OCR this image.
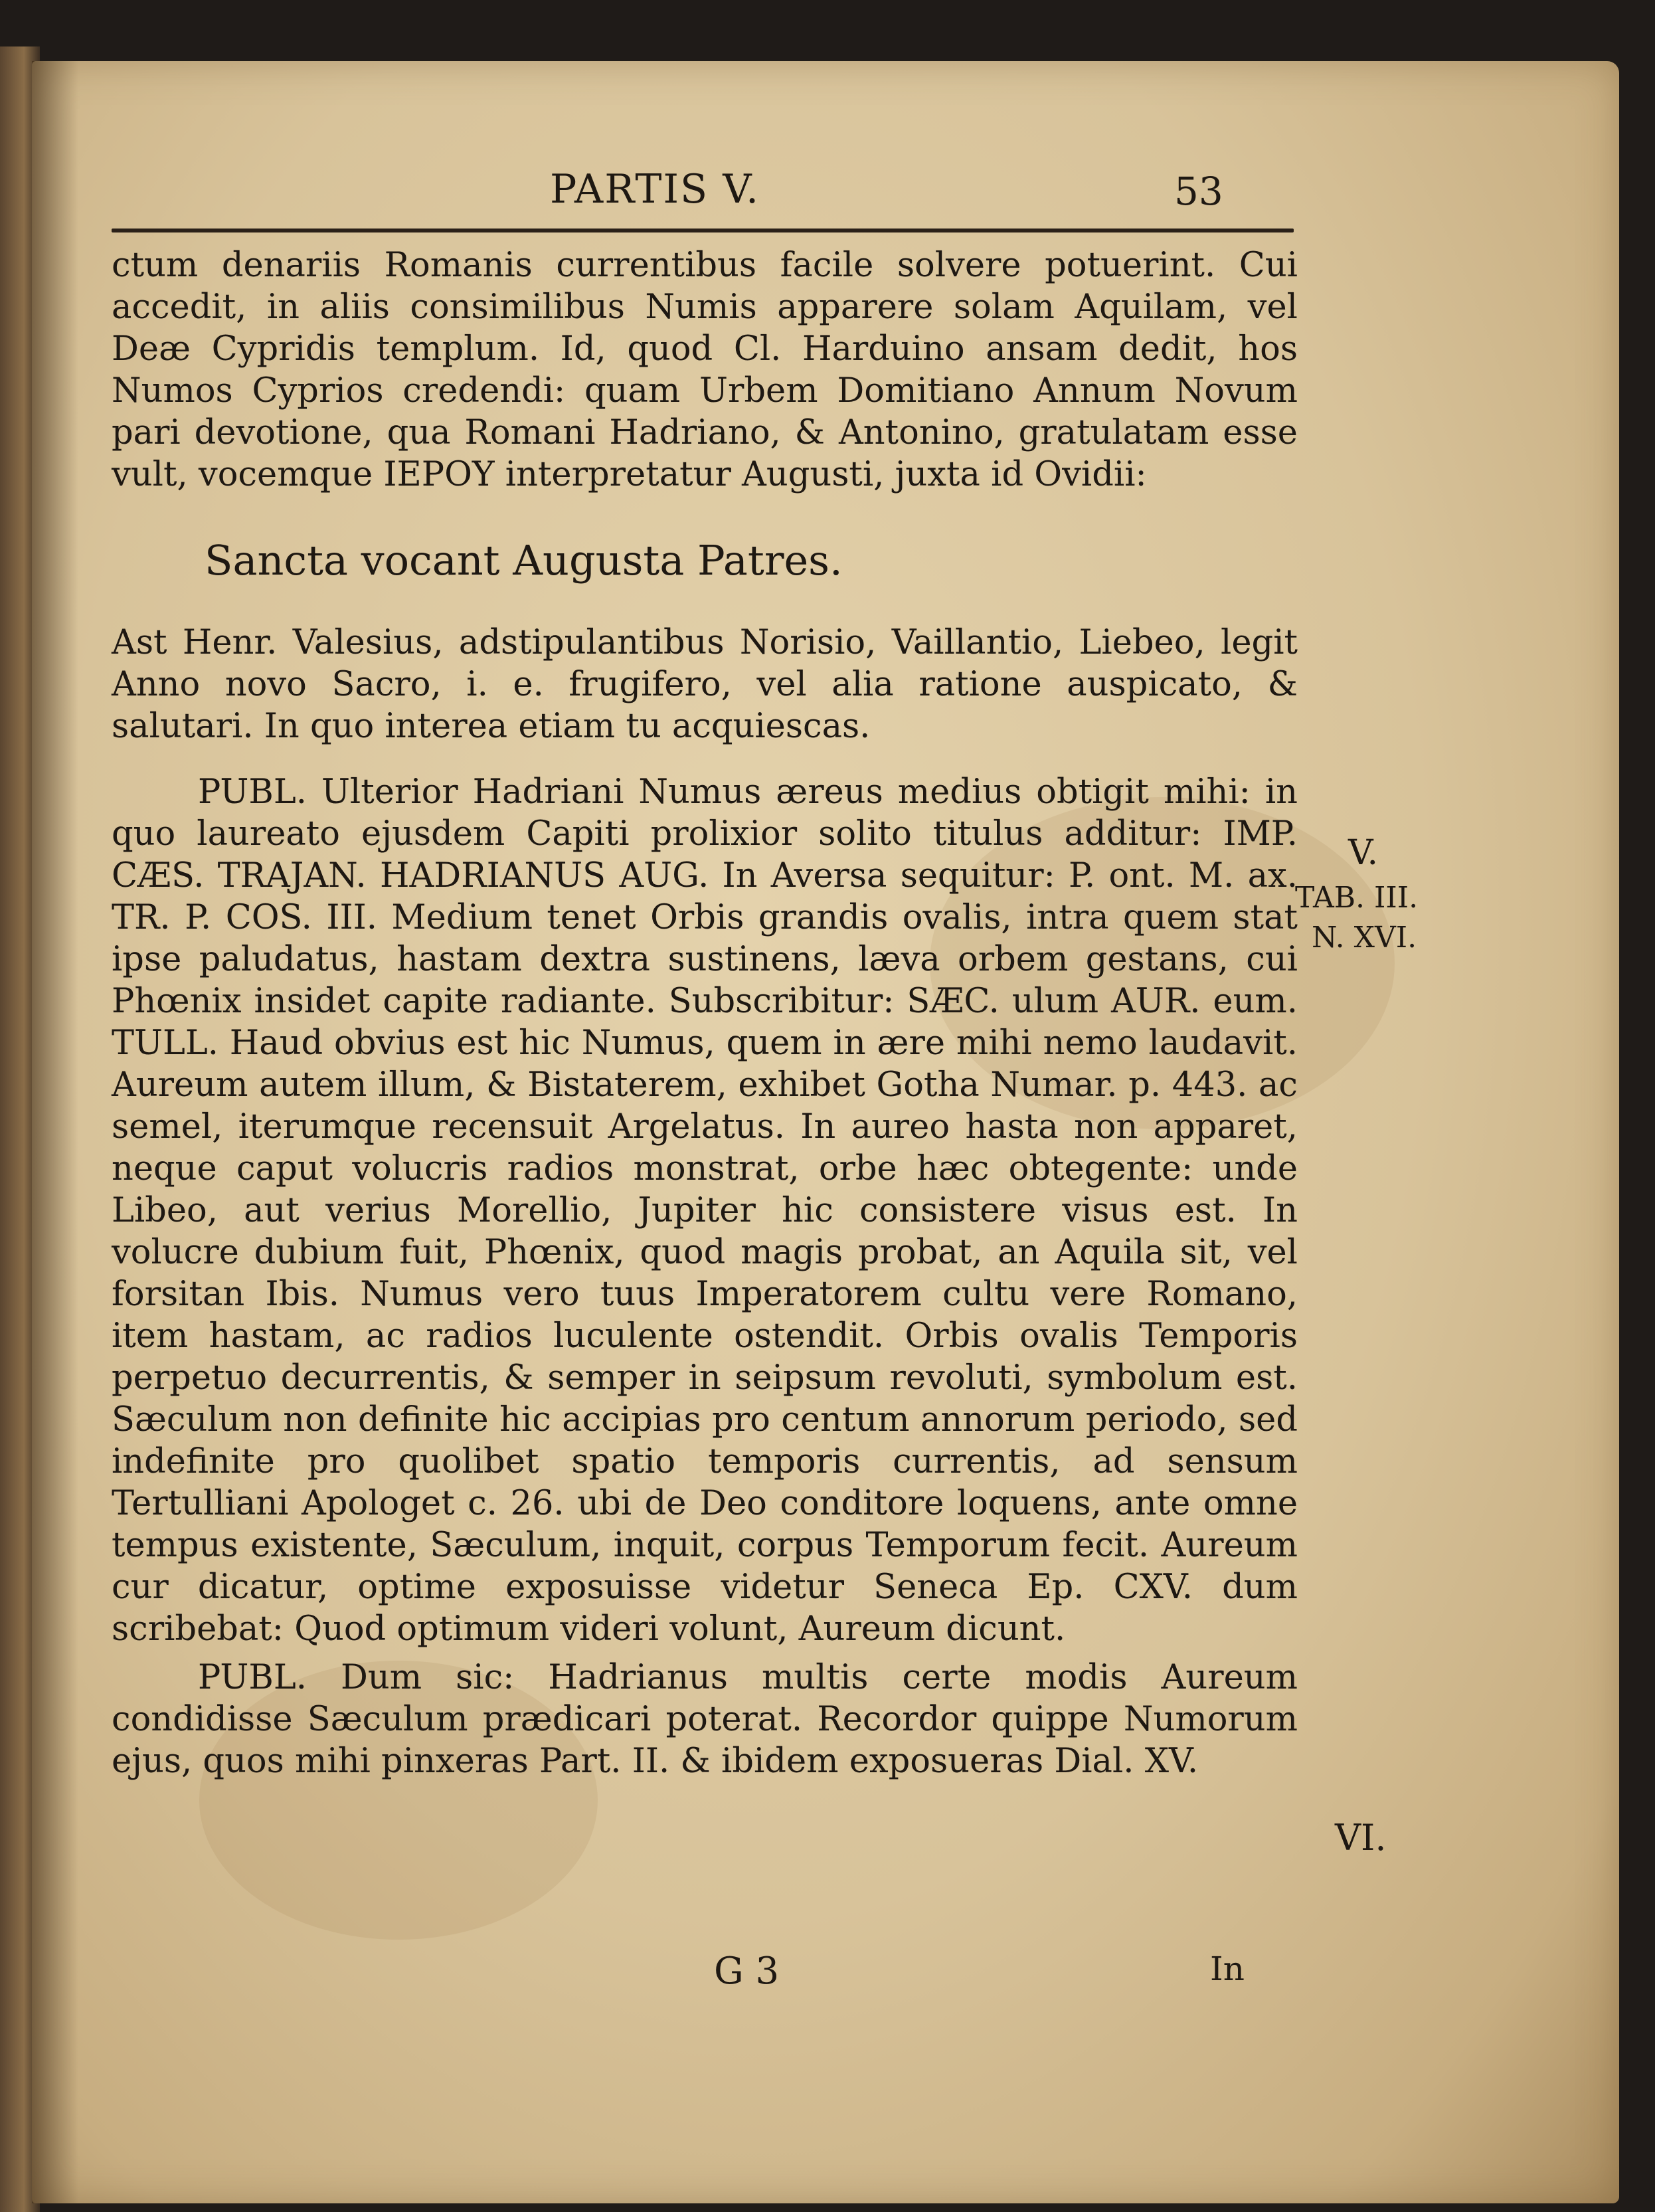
PARTIS V.	53

ctum denariis Romanis currentibus facile solvere potuerint. Cui accedit, in aliis consimilibus Numis apparere solam Aquilam, vel Deæ Cypridis templum. Id, quod Cl. Harduino ansam dedit, hos Numos Cyprios credendi: quam Urbem Domitiano Annum Novum pari devotione, qua Romani Hadriano, & Antonino, gratulatam esse vult, vocemque ΙΕΡΟΥ interpretatur Augusti, juxta id Ovidii:

Sancta vocant Augusta Patres.

Ast Henr. Valesius, adstipulantibus Norisio, Vaillantio, Liebeo, legit Anno novo Sacro, i. e. frugifero, vel alia ratione auspicato, & salutari. In quo interea etiam tu acquiescas.

PUBL. Ulterior Hadriani Numus æreus medius obtigit mihi: in quo laureato ejusdem Capiti prolixior solito titulus additur: IMP. CÆS. TRAJAN. HADRIANUS AUG. In Aversa sequitur: P. ont. M. ax. TR. P. COS. III. Medium tenet Orbis grandis ovalis, intra quem stat ipse paludatus, hastam dextra sustinens, læva orbem gestans, cui Phœnix insidet capite radiante. Subscribitur: SÆC. ulum AUR. eum. TULL. Haud obvius est hic Numus, quem in ære mihi nemo laudavit. Aureum autem illum, & Bistaterem, exhibet Gotha Numar. p. 443. ac semel, iterumque recensuit Argelatus. In aureo hasta non apparet, neque caput volucris radios monstrat, orbe hæc obtegente: unde Libeo, aut verius Morellio, Jupiter hic consistere visus est. In volucre dubium fuit, Phœnix, quod magis probat, an Aquila sit, vel forsitan Ibis. Numus vero tuus Imperatorem cultu vere Romano, item hastam, ac radios luculente ostendit. Orbis ovalis Temporis perpetuo decurrentis, & semper in seipsum revoluti, symbolum est. Sæculum non definite hic accipias pro centum annorum periodo, sed indefinite pro quolibet spatio temporis currentis, ad sensum Tertulliani Apologet c. 26. ubi de Deo conditore loquens, ante omne tempus existente, Sæculum, inquit, corpus Temporum fecit. Aureum cur dicatur, optime exposuisse videtur Seneca Ep. CXV. dum scribebat: Quod optimum videri volunt, Aureum dicunt.

PUBL. Dum sic: Hadrianus multis certe modis Aureum condidisse Sæculum prædicari poterat. Recordor quippe Numorum ejus, quos mihi pinxeras Part. II. & ibidem exposueras Dial. XV.

V.
TAB. III.
N. XVI.
VI.
G 3	In
